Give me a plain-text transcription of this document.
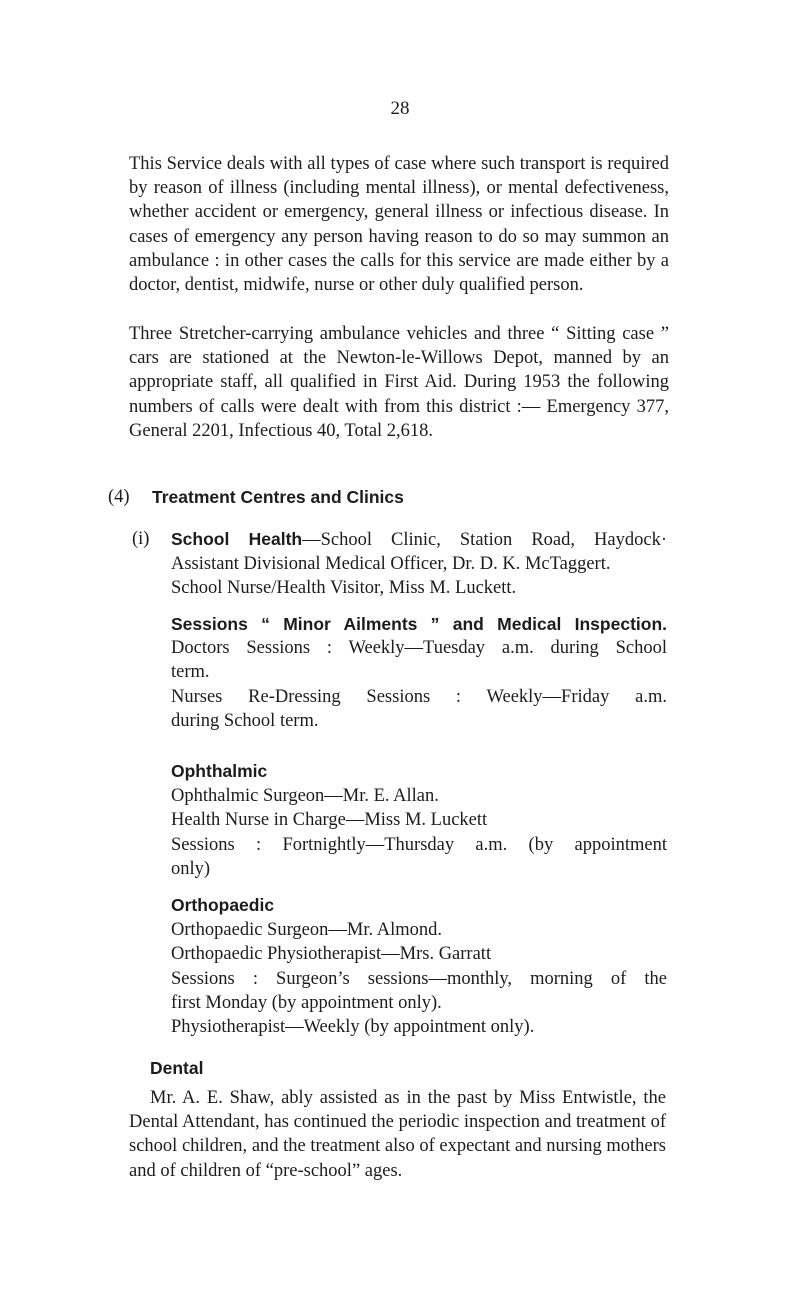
28
This Service deals with all types of case where such transport is required by reason of illness (including mental illness), or mental defectiveness, whether accident or emergency, general illness or infectious disease. In cases of emergency any person having reason to do so may summon an ambulance : in other cases the calls for this service are made either by a doctor, dentist, midwife, nurse or other duly qualified person.
Three Stretcher-carrying ambulance vehicles and three “ Sitting case ” cars are stationed at the Newton-le-Willows Depot, manned by an appropriate staff, all qualified in First Aid. During 1953 the following numbers of calls were dealt with from this district :— Emergency 377, General 2201, Infectious 40, Total 2,618.
(4) Treatment Centres and Clinics
(i) School Health—School Clinic, Station Road, Haydock·
Assistant Divisional Medical Officer, Dr. D. K. McTaggert.
School Nurse/Health Visitor, Miss M. Luckett.
Sessions “ Minor Ailments ” and Medical Inspection.
Doctors Sessions : Weekly—Tuesday a.m. during School
term.
Nurses Re-Dressing Sessions : Weekly—Friday a.m.
during School term.
Ophthalmic
Ophthalmic Surgeon—Mr. E. Allan.
Health Nurse in Charge—Miss M. Luckett
Sessions : Fortnightly—Thursday a.m. (by appointment
only)
Orthopaedic
Orthopaedic Surgeon—Mr. Almond.
Orthopaedic Physiotherapist—Mrs. Garratt
Sessions : Surgeon’s sessions—monthly, morning of the
first Monday (by appointment only).
Physiotherapist—Weekly (by appointment only).
Dental
Mr. A. E. Shaw, ably assisted as in the past by Miss Entwistle, the Dental Attendant, has continued the periodic inspection and treatment of school children, and the treatment also of expectant and nursing mothers and of children of “pre-school” ages.
